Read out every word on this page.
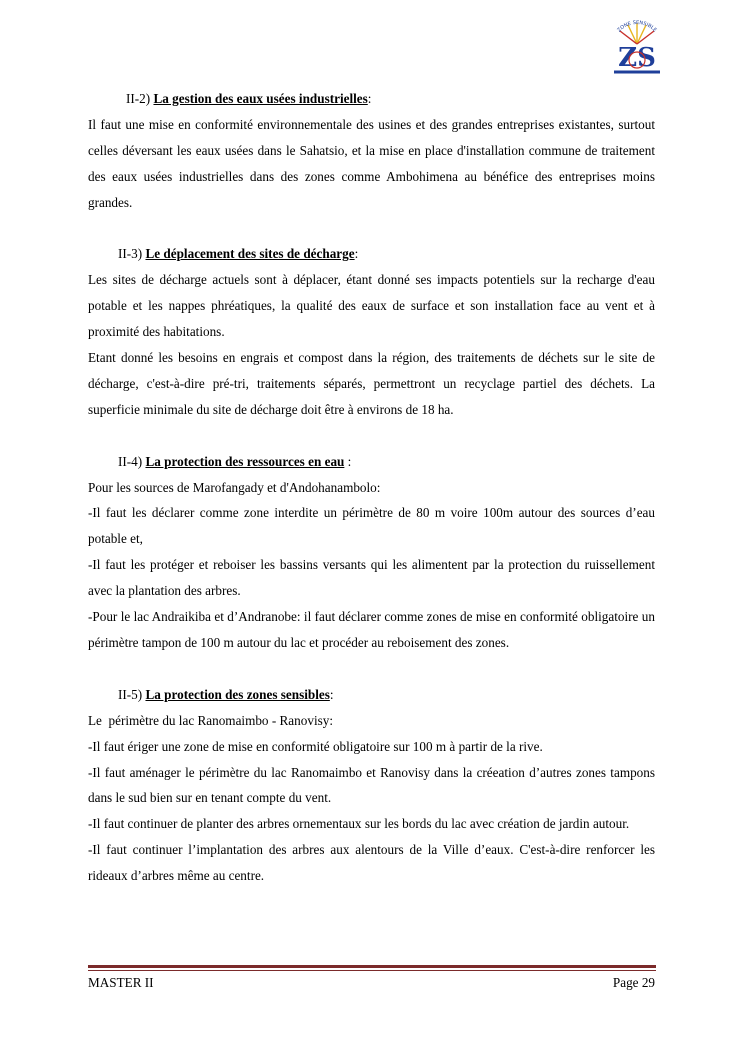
ZONE SENSIBLE
ZS

II-2) La gestion des eaux usées industrielles:

Il faut une mise en conformité environnementale des usines et des grandes entreprises existantes, surtout celles déversant les eaux usées dans le Sahatsio, et la mise en place d'installation commune de traitement des eaux usées industrielles dans des zones comme Ambohimena au bénéfice des entreprises moins grandes.

II-3) Le déplacement des sites de décharge:

Les sites de décharge actuels sont à déplacer, étant donné ses impacts potentiels sur la recharge d'eau potable et les nappes phréatiques, la qualité des eaux de surface et son installation face au vent et à proximité des habitations.

Etant donné les besoins en engrais et compost dans la région, des traitements de déchets sur le site de décharge, c'est-à-dire pré-tri, traitements séparés, permettront un recyclage partiel des déchets. La superficie minimale du site de décharge doit être à environs de 18 ha.

II-4) La protection des ressources en eau :

Pour les sources de Marofangady et d'Andohanambolo:

-Il faut les déclarer comme zone interdite un périmètre de 80 m voire 100m autour des sources d’eau potable et,

-Il faut les protéger et reboiser les bassins versants qui les alimentent par la protection du ruissellement avec la plantation des arbres.

-Pour le lac Andraikiba et d’Andranobe: il faut déclarer comme zones de mise en conformité obligatoire un périmètre tampon de 100 m autour du lac et procéder au reboisement des zones.

II-5) La protection des zones sensibles:

Le  périmètre du lac Ranomaimbo - Ranovisy:

-Il faut ériger une zone de mise en conformité obligatoire sur 100 m à partir de la rive.

-Il faut aménager le périmètre du lac Ranomaimbo et Ranovisy dans la créeation d’autres zones tampons dans le sud bien sur en tenant compte du vent.

-Il faut continuer de planter des arbres ornementaux sur les bords du lac avec création de jardin autour.

-Il faut continuer l’implantation des arbres aux alentours de la Ville d’eaux. C'est-à-dire renforcer les rideaux d’arbres même au centre.

MASTER II	Page 29
